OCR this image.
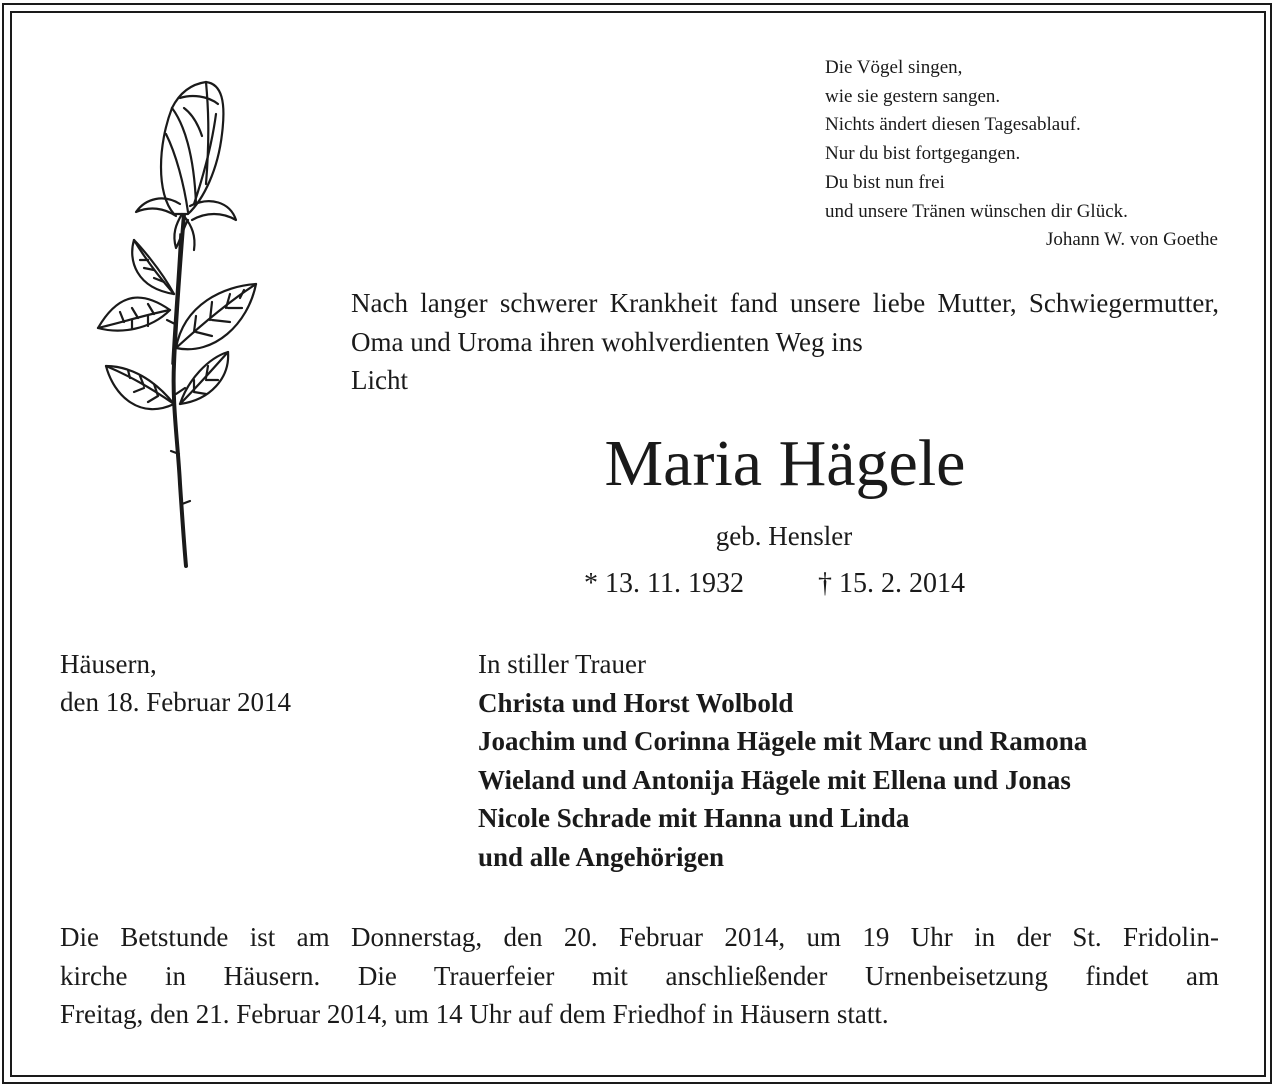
Die Vögel singen,
wie sie gestern sangen.
Nichts ändert diesen Tagesablauf.
Nur du bist fortgegangen.
Du bist nun frei
und unsere Tränen wünschen dir Glück.
Johann W. von Goethe
Nach langer schwerer Krankheit fand unsere liebe Mutter, Schwiegermutter, Oma und Uroma ihren wohlverdienten Weg ins
Licht
Maria Hägele
geb. Hensler
* 13. 11. 1932	† 15. 2. 2014
Häusern,
den 18. Februar 2014
In stiller Trauer
Christa und Horst Wolbold
Joachim und Corinna Hägele mit Marc und Ramona
Wieland und Antonija Hägele mit Ellena und Jonas
Nicole Schrade mit Hanna und Linda
und alle Angehörigen
Die Betstunde ist am Donnerstag, den 20. Februar 2014, um 19 Uhr in der St. Fridolin-
kirche in Häusern. Die Trauerfeier mit anschließender Urnenbeisetzung findet am
Freitag, den 21. Februar 2014, um 14 Uhr auf dem Friedhof in Häusern statt.
